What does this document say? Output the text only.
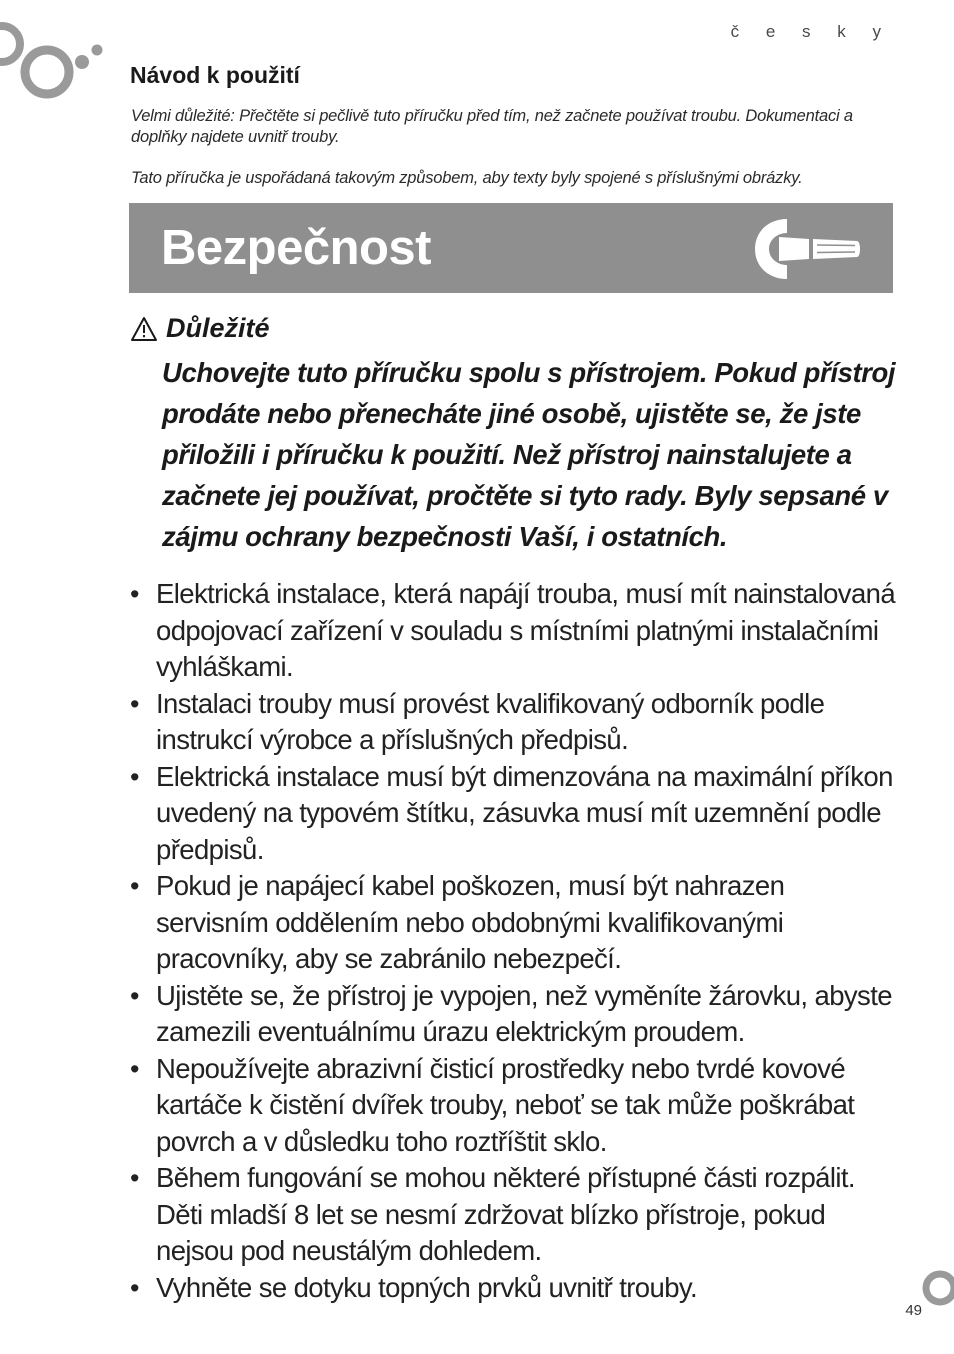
č e s k y
Návod k použití
Velmi důležité: Přečtěte si pečlivě tuto příručku před tím, než začnete používat troubu. Dokumentaci a doplňky najdete uvnitř trouby.
Tato příručka je uspořádaná takovým způsobem, aby texty byly spojené s příslušnými obrázky.
Bezpečnost
Důležité
Uchovejte tuto příručku spolu s přístrojem. Pokud přístroj prodáte nebo přenecháte jiné osobě, ujistěte se, že jste přiložili i příručku k použití. Než přístroj nainstalujete a začnete jej používat, pročtěte si tyto rady. Byly sepsané v zájmu ochrany bezpečnosti Vaší, i ostatních.
• Elektrická instalace, která napájí trouba, musí mít nainstalovaná odpojovací zařízení v souladu s místními platnými instalačními vyhláškami.
• Instalaci trouby musí provést kvalifikovaný odborník podle instrukcí výrobce a příslušných předpisů.
• Elektrická instalace musí být dimenzována na maximální příkon uvedený na typovém štítku, zásuvka musí mít uzemnění podle předpisů.
• Pokud je napájecí kabel poškozen, musí být nahrazen servisním oddělením nebo obdobnými kvalifikovanými pracovníky, aby se zabránilo nebezpečí.
• Ujistěte se, že přístroj je vypojen, než vyměníte žárovku, abyste zamezili eventuálnímu úrazu elektrickým proudem.
• Nepoužívejte abrazivní čisticí prostředky nebo tvrdé kovové kartáče k čistění dvířek trouby, neboť se tak může poškrábat povrch a v důsledku toho roztříštit sklo.
• Během fungování se mohou některé přístupné části rozpálit. Děti mladší 8 let se nesmí zdržovat blízko přístroje, pokud nejsou pod neustálým dohledem.
• Vyhněte se dotyku topných prvků uvnitř trouby.
49
